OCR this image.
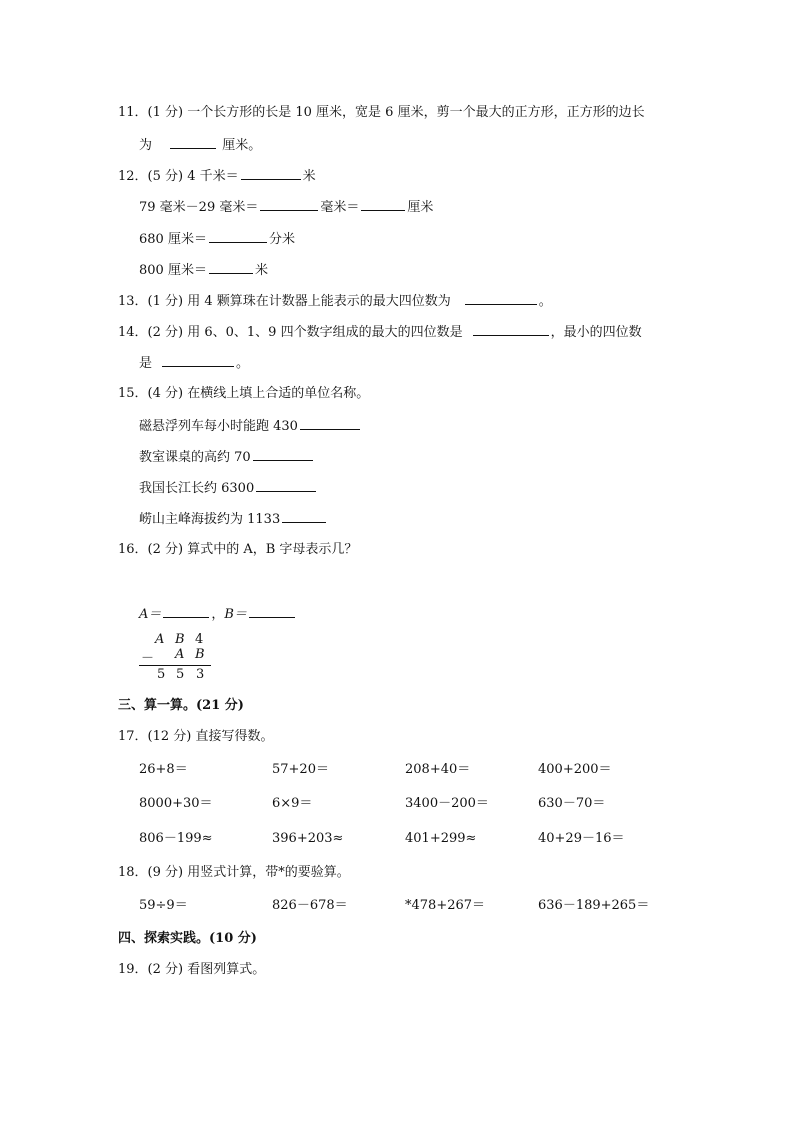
11．(1 分) 一个长方形的长是 10 厘米，宽是 6 厘米，剪一个最大的正方形，正方形的边长
为	厘米。
12．(5 分) 4 千米＝	米
79 毫米－29 毫米＝	毫米＝	厘米
680 厘米＝	分米
800 厘米＝	米
13．(1 分) 用 4 颗算珠在计数器上能表示的最大四位数为	。
14．(2 分) 用 6、0、1、9 四个数字组成的最大的四位数是	，最小的四位数
是	。
15．(4 分) 在横线上填上合适的单位名称。
磁悬浮列车每小时能跑 430
教室课桌的高约 70
我国长江长约 6300
崂山主峰海拔约为 1133
16．(2 分) 算式中的 A，B 字母表示几？
A＝	，B＝
A B 4
－ A B
5 5 3
三、算一算。(21 分)
17．(12 分) 直接写得数。
26+8＝	57+20＝	208+40＝	400+200＝
8000+30＝	6×9＝	3400－200＝	630－70＝
806－199≈	396+203≈	401+299≈	40+29－16＝
18．(9 分) 用竖式计算，带*的要验算。
59÷9＝	826－678＝	*478+267＝	636－189+265＝
四、探索实践。(10 分)
19．(2 分) 看图列算式。
